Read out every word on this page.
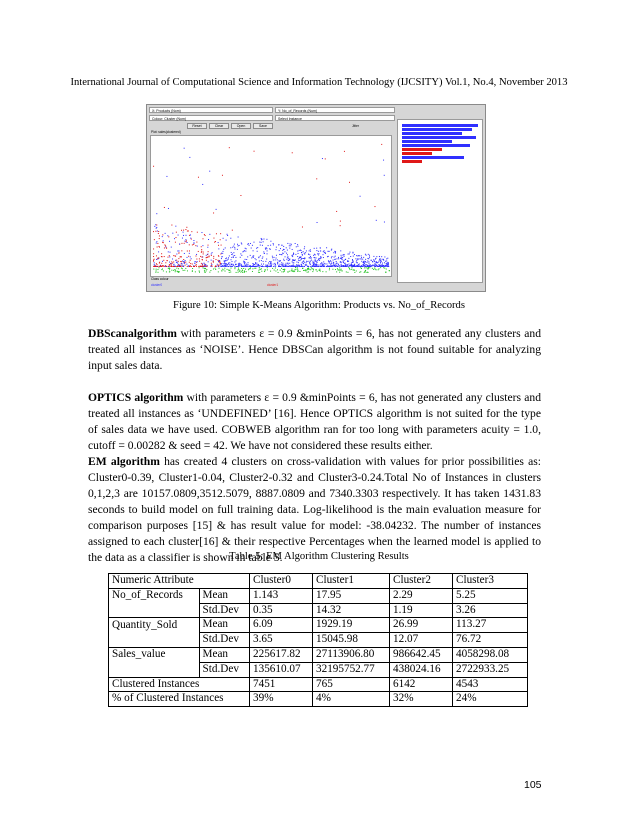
International Journal of Computational Science and Information Technology (IJCSITY) Vol.1, No.4, November 2013
X: Products (Nom)	Y: No_of_Records (Num)
Colour: Cluster (Nom)	Select Instance
Reset	Clear	Open	Save	Jitter
Plot: sales(clustered)
Class colour
cluster0	cluster1
Figure 10: Simple K-Means Algorithm: Products vs. No_of_Records
DBScanalgorithm with parameters ε = 0.9 &minPoints = 6, has not generated any clusters and treated all instances as ‘NOISE’. Hence DBSCan algorithm is not found suitable for analyzing input sales data.
OPTICS algorithm with parameters ε = 0.9 &minPoints = 6, has not generated any clusters and treated all instances as ‘UNDEFINED’ [16]. Hence OPTICS algorithm is not suited for the type of sales data we have used. COBWEB algorithm ran for too long with parameters acuity = 1.0, cutoff = 0.00282 & seed = 42. We have not considered these results either.
EM algorithm has created 4 clusters on cross-validation with values for prior possibilities as: Cluster0-0.39, Cluster1-0.04, Cluster2-0.32 and Cluster3-0.24.Total No of Instances in clusters 0,1,2,3 are 10157.0809,3512.5079, 8887.0809 and 7340.3303 respectively. It has taken 1431.83 seconds to build model on full training data. Log-likelihood is the main evaluation measure for comparison purposes [15] & has result value for model: -38.04232. The number of instances assigned to each cluster[16] & their respective Percentages when the learned model is applied to the data as a classifier is shown in table 5.
Table 5: EM Algorithm Clustering Results
Numeric Attribute		Cluster0	Cluster1	Cluster2	Cluster3
No_of_Records	Mean	1.143	17.95	2.29	5.25
	Std.Dev	0.35	14.32	1.19	3.26
Quantity_Sold	Mean	6.09	1929.19	26.99	113.27
	Std.Dev	3.65	15045.98	12.07	76.72
Sales_value	Mean	225617.82	27113906.80	986642.45	4058298.08
	Std.Dev	135610.07	32195752.77	438024.16	2722933.25
Clustered Instances		7451	765	6142	4543
% of Clustered Instances		39%	4%	32%	24%
105
